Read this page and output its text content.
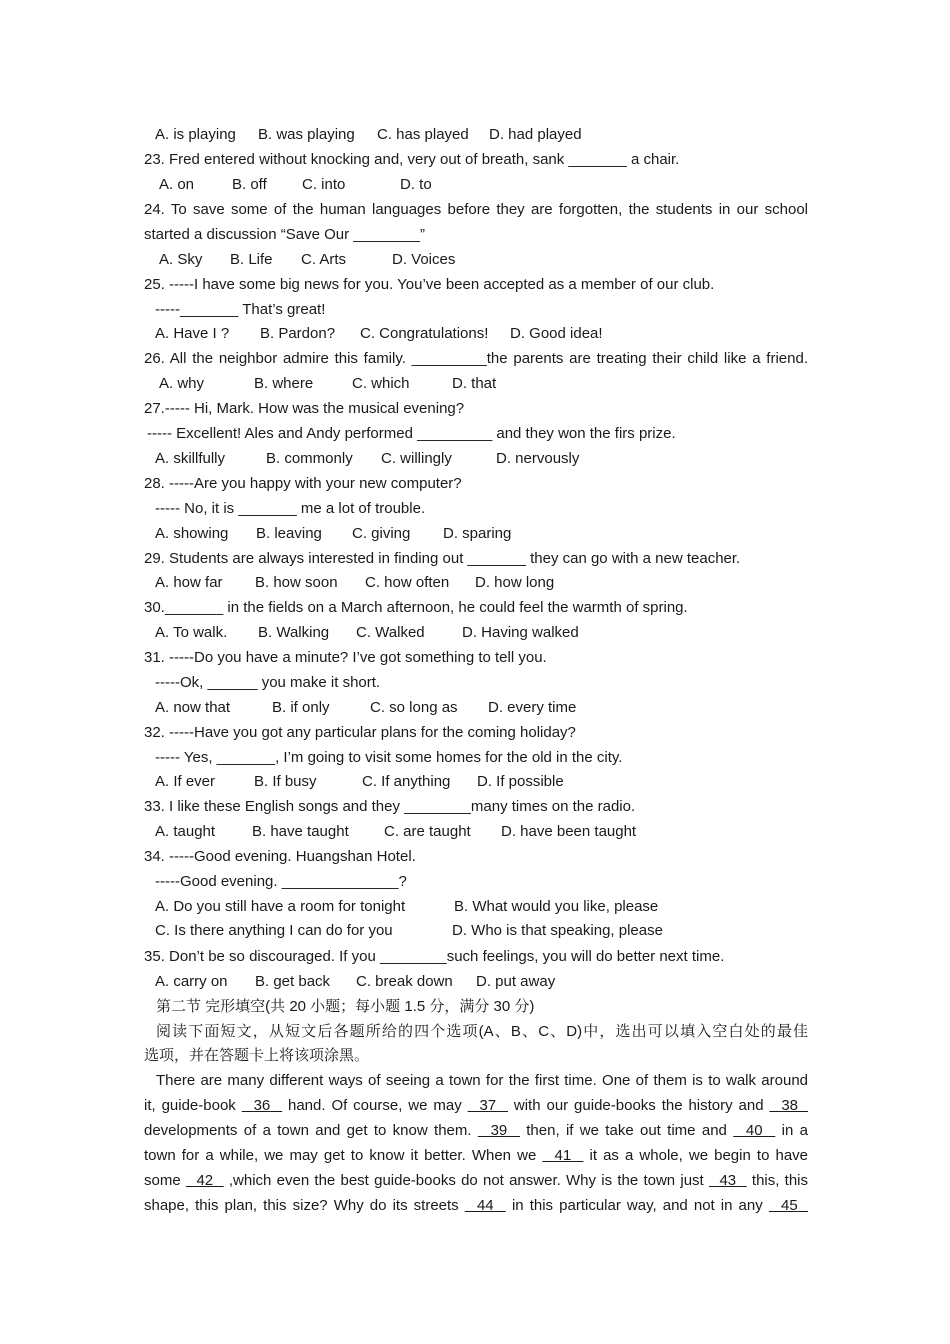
A. is playing B. was playing C. has played D. had played
23. Fred entered without knocking and, very out of breath, sank _______ a chair.
A. on	B. off C. into	D. to
24. To save some of the human languages before they are forgotten, the students in our school
started a discussion “Save Our ________”
A. Sky B. Life C. Arts	D. Voices
25. -----I have some big news for you. You’ve been accepted as a member of our club.
-----_______ That’s great!
A. Have I ? B. Pardon? C. Congratulations! D. Good idea!
26. All the neighbor admire this family. _________the parents are treating their child like a friend.
A. why	B. where	C. which	D. that
27.----- Hi, Mark. How was the musical evening?
----- Excellent! Ales and Andy performed _________ and they won the firs prize.
A. skillfully	B. commonly C. willingly	D. nervously
28. -----Are you happy with your new computer?
----- No, it is _______ me a lot of trouble.
A. showing B. leaving C. giving D. sparing
29. Students are always interested in finding out _______ they can go with a new teacher.
A. how far B. how soon C. how often D. how long
30._______ in the fields on a March afternoon, he could feel the warmth of spring.
A. To walk. B. Walking C. Walked D. Having walked
31. -----Do you have a minute? I’ve got something to tell you.
-----Ok, ______ you make it short.
A. now that	B. if only	C. so long as D. every time
32. -----Have you got any particular plans for the coming holiday?
----- Yes, _______, I’m going to visit some homes for the old in the city.
A. If ever	B. If busy	C. If anything D. If possible
33. I like these English songs and they ________many times on the radio.
A. taught B. have taught C. are taught D. have been taught
34. -----Good evening. Huangshan Hotel.
-----Good evening. ______________?
A. Do you still have a room for tonight	B. What would you like, please
C. Is there anything I can do for you	D. Who is that speaking, please
35. Don’t be so discouraged. If you ________such feelings, you will do better next time.
A. carry on B. get back C. break down D. put away
第二节 完形填空(共 20 小题；每小题 1.5 分，满分 30 分)
阅读下面短文，从短文后各题所给的四个选项(A、B、C、D)中，选出可以填入空白处的最佳
选项，并在答题卡上将该项涂黑。
There are many different ways of seeing a town for the first time. One of them is to walk around
it, guide-book 36 hand. Of course, we may 37 with our guide-books the history and 38
developments of a town and get to know them. 39 then, if we take out time and 40 in a
town for a while, we may get to know it better. When we 41 it as a whole, we begin to have
some 42 ,which even the best guide-books do not answer. Why is the town just 43 this, this
shape, this plan, this size? Why do its streets 44 in this particular way, and not in any 45
